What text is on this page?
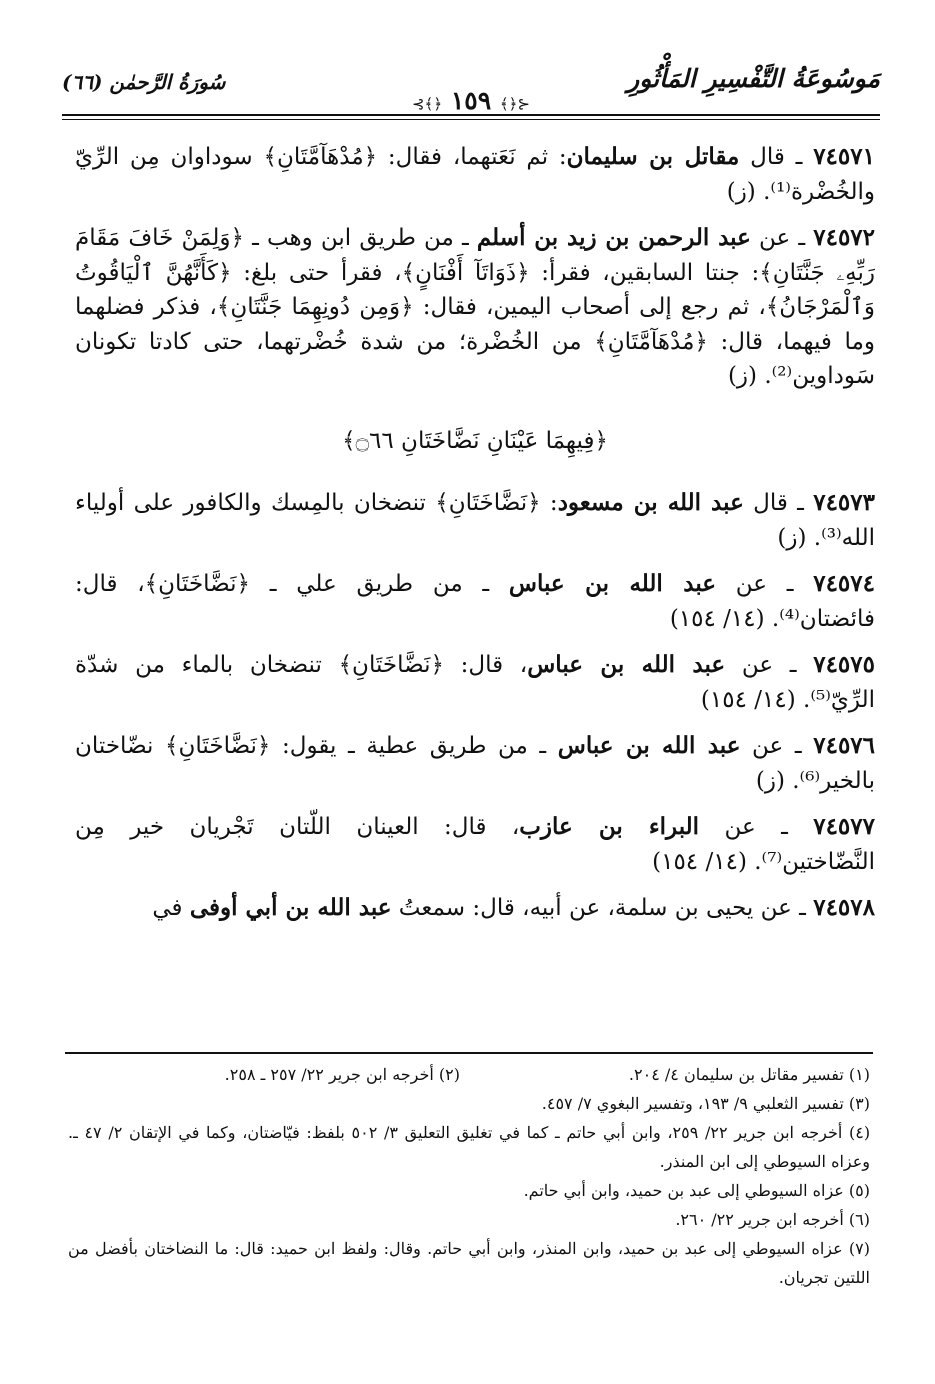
مَوسُوعَةُ التَّفْسِيرِ المَأْثُورِ
⊰﴿﴾ ١٥٩ ﴿﴾⊱
سُورَةُ الرَّحمٰن (٦٦)

٧٤٥٧١ ـ قال مقاتل بن سليمان: ثم نَعَتهما، فقال: ﴿مُدْهَآمَّتَانِ﴾ سوداوان مِن الرِّيّ والخُضْرة⁽¹⁾. (ز)

٧٤٥٧٢ ـ عن عبد الرحمن بن زيد بن أسلم ـ من طريق ابن وهب ـ ﴿وَلِمَنْ خَافَ مَقَامَ رَبِّهِۦ جَنَّتَانِ﴾: جنتا السابقين، فقرأ: ﴿ذَوَاتَآ أَفْنَانٍ﴾، فقرأ حتى بلغ: ﴿كَأَنَّهُنَّ ٱلْيَاقُوتُ وَٱلْمَرْجَانُ﴾، ثم رجع إلى أصحاب اليمين، فقال: ﴿وَمِن دُونِهِمَا جَنَّتَانِ﴾، فذكر فضلهما وما فيهما، قال: ﴿مُدْهَآمَّتَانِ﴾ من الخُضْرة؛ من شدة خُضْرتهما، حتى كادتا تكونان سَوداوين⁽²⁾. (ز)

﴿فِيهِمَا عَيْنَانِ نَضَّاخَتَانِ ۝٦٦﴾

٧٤٥٧٣ ـ قال عبد الله بن مسعود: ﴿نَضَّاخَتَانِ﴾ تنضخان بالمِسك والكافور على أولياء الله⁽³⁾. (ز)

٧٤٥٧٤ ـ عن عبد الله بن عباس ـ من طريق علي ـ ﴿نَضَّاخَتَانِ﴾، قال: فائضتان⁽⁴⁾. (١٤/ ١٥٤)

٧٤٥٧٥ ـ عن عبد الله بن عباس، قال: ﴿نَضَّاخَتَانِ﴾ تنضخان بالماء من شدّة الرِّيّ⁽⁵⁾. (١٤/ ١٥٤)

٧٤٥٧٦ ـ عن عبد الله بن عباس ـ من طريق عطية ـ يقول: ﴿نَضَّاخَتَانِ﴾ نضّاختان بالخير⁽⁶⁾. (ز)

٧٤٥٧٧ ـ عن البراء بن عازب، قال: العينان اللّتان تَجْريان خير مِن النَّضّاختين⁽⁷⁾. (١٤/ ١٥٤)

٧٤٥٧٨ ـ عن يحيى بن سلمة، عن أبيه، قال: سمعتُ عبد الله بن أبي أوفى في

(١) تفسير مقاتل بن سليمان ٤/ ٢٠٤.
(٢) أخرجه ابن جرير ٢٢/ ٢٥٧ ـ ٢٥٨.

(٣) تفسير الثعلبي ٩/ ١٩٣، وتفسير البغوي ٧/ ٤٥٧.

(٤) أخرجه ابن جرير ٢٢/ ٢٥٩، وابن أبي حاتم ـ كما في تغليق التعليق ٣/ ٥٠٢ بلفظ: فيّاضتان، وكما في الإتقان ٢/ ٤٧ ـ. وعزاه السيوطي إلى ابن المنذر.

(٥) عزاه السيوطي إلى عبد بن حميد، وابن أبي حاتم.

(٦) أخرجه ابن جرير ٢٢/ ٢٦٠.

(٧) عزاه السيوطي إلى عبد بن حميد، وابن المنذر، وابن أبي حاتم. وقال: ولفظ ابن حميد: قال: ما النضاختان بأفضل من اللتين تجريان.
